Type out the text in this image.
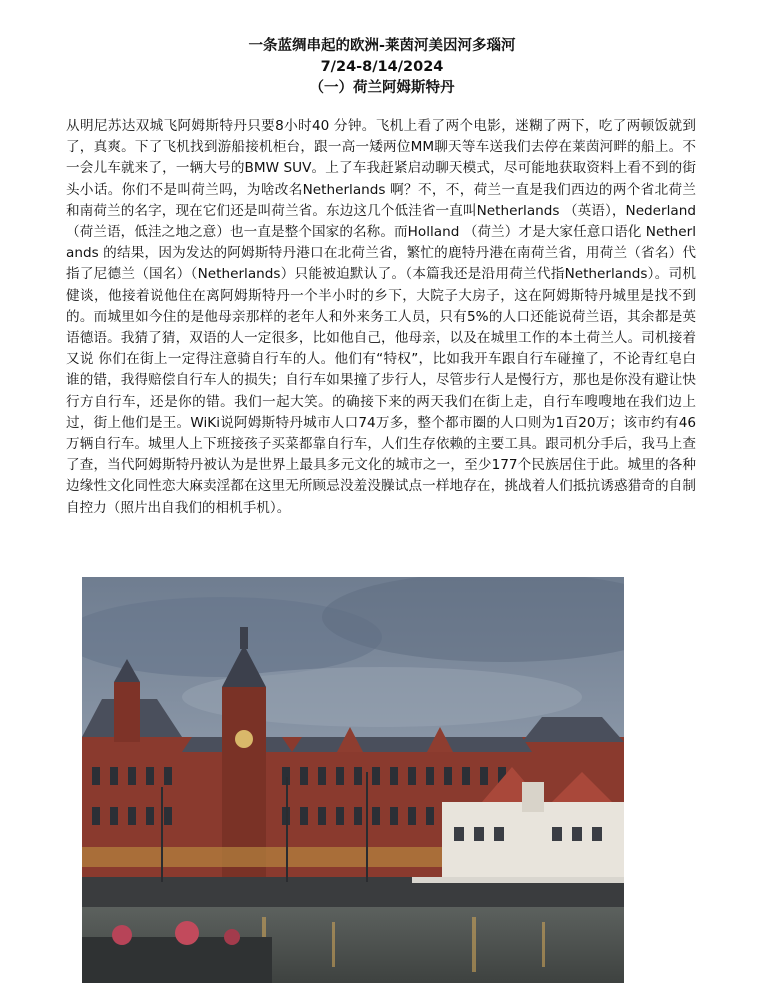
一条蓝绸串起的欧洲-莱茵河美因河多瑙河
7/24-8/14/2024
（一）荷兰阿姆斯特丹

从明尼苏达双城飞阿姆斯特丹只要8小时40 分钟。飞机上看了两个电影，迷糊了两下，吃了两顿饭就到了，真爽。下了飞机找到游船接机柜台，跟一高一矮两位MM聊天等车送我们去停在莱茵河畔的船上。不一会儿车就来了，一辆大号的BMW SUV。上了车我赶紧启动聊天模式，尽可能地获取资料上看不到的街头小话。你们不是叫荷兰吗，为啥改名Netherlands 啊？不，不，荷兰一直是我们西边的两个省北荷兰和南荷兰的名字，现在它们还是叫荷兰省。东边这几个低洼省一直叫Netherlands （英语），Nederland （荷兰语，低洼之地之意）也一直是整个国家的名称。而Holland （荷兰）才是大家任意口语化 Netherlands 的结果，因为发达的阿姆斯特丹港口在北荷兰省，繁忙的鹿特丹港在南荷兰省，用荷兰（省名）代指了尼德兰（国名）（Netherlands）只能被迫默认了。（本篇我还是沿用荷兰代指Netherlands）。司机健谈，他接着说他住在离阿姆斯特丹一个半小时的乡下，大院子大房子，这在阿姆斯特丹城里是找不到的。而城里如今住的是他母亲那样的老年人和外来务工人员，只有5%的人口还能说荷兰语，其余都是英语德语。我猜了猜，双语的人一定很多，比如他自己，他母亲，以及在城里工作的本土荷兰人。司机接着又说 你们在街上一定得注意骑自行车的人。他们有“特权”，比如我开车跟自行车碰撞了，不论青红皂白谁的错，我得赔偿自行车人的损失；自行车如果撞了步行人，尽管步行人是慢行方，那也是你没有避让快行方自行车，还是你的错。我们一起大笑。的确接下来的两天我们在街上走，自行车嗖嗖地在我们边上过，街上他们是王。WiKi说阿姆斯特丹城市人口74万多，整个都市圈的人口则为1百20万；该市约有46万辆自行车。城里人上下班接孩子买菜都靠自行车，人们生存依赖的主要工具。跟司机分手后，我马上查了查，当代阿姆斯特丹被认为是世界上最具多元文化的城市之一，至少177个民族居住于此。城里的各种边缘性文化同性恋大麻卖淫都在这里无所顾忌没羞没臊试点一样地存在，挑战着人们抵抗诱惑猎奇的自制自控力（照片出自我们的相机手机）。
